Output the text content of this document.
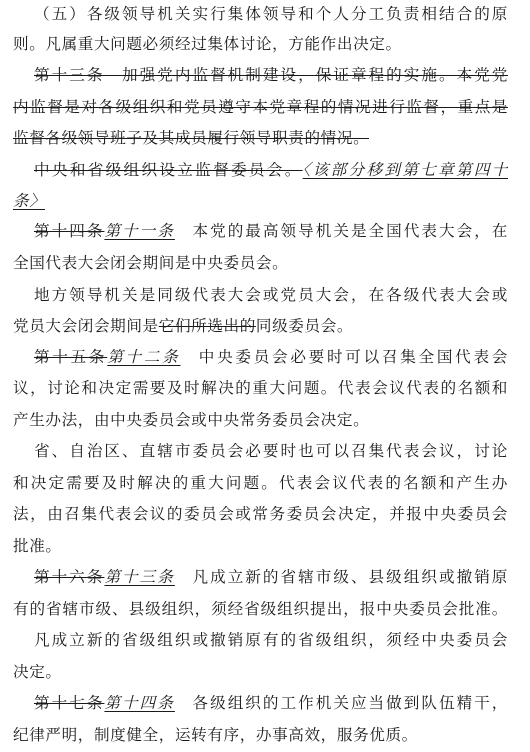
（五）各级领导机关实行集体领导和个人分工负责相结合的原
则。凡属重大问题必须经过集体讨论，方能作出决定。
第十三条　加强党内监督机制建设，保证章程的实施。本党党
内监督是对各级组织和党员遵守本党章程的情况进行监督，重点是
监督各级领导班子及其成员履行领导职责的情况。
中央和省级组织设立监督委员会。〈该部分移到第七章第四十
条〉
第十四条第十一条　本党的最高领导机关是全国代表大会，在
全国代表大会闭会期间是中央委员会。
地方领导机关是同级代表大会或党员大会，在各级代表大会或
党员大会闭会期间是它们所选出的同级委员会。
第十五条第十二条　中央委员会必要时可以召集全国代表会
议，讨论和决定需要及时解决的重大问题。代表会议代表的名额和
产生办法，由中央委员会或中央常务委员会决定。
省、自治区、直辖市委员会必要时也可以召集代表会议，讨论
和决定需要及时解决的重大问题。代表会议代表的名额和产生办
法，由召集代表会议的委员会或常务委员会决定，并报中央委员会
批准。
第十六条第十三条　凡成立新的省辖市级、县级组织或撤销原
有的省辖市级、县级组织，须经省级组织提出，报中央委员会批准。
凡成立新的省级组织或撤销原有的省级组织，须经中央委员会
决定。
第十七条第十四条　各级组织的工作机关应当做到队伍精干，
纪律严明，制度健全，运转有序，办事高效，服务优质。
